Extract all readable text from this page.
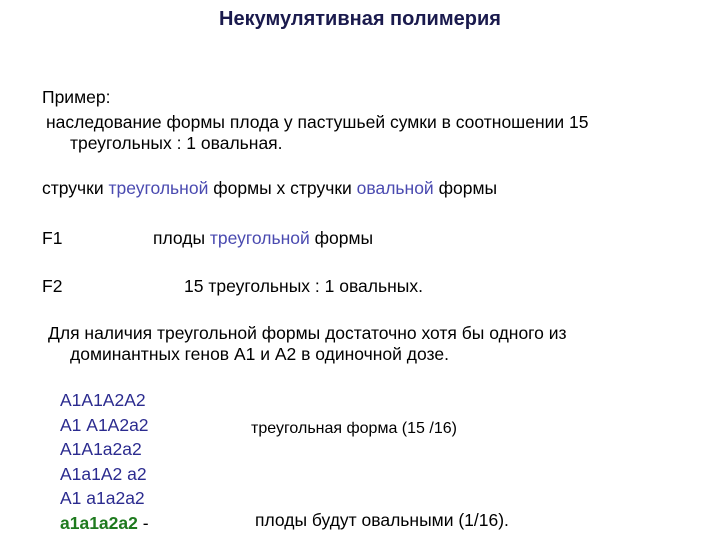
Некумулятивная полимерия
Пример:
наследование формы плода у пастушьей сумки в соотношении 15
треугольных : 1 овальная.
стручки треугольной формы х стручки овальной формы
F1	плоды треугольной формы
F2	15 треугольных : 1 овальных.
Для наличия треугольной формы достаточно хотя бы одного из
доминантных генов А1 и А2 в одиночной дозе.
А1А1А2А2
А1 А1А2а2
А1А1а2а2
А1а1А2 а2
А1 а1а2а2
а1а1а2а2 -
треугольная форма (15 /16)
плоды будут овальными (1/16).
